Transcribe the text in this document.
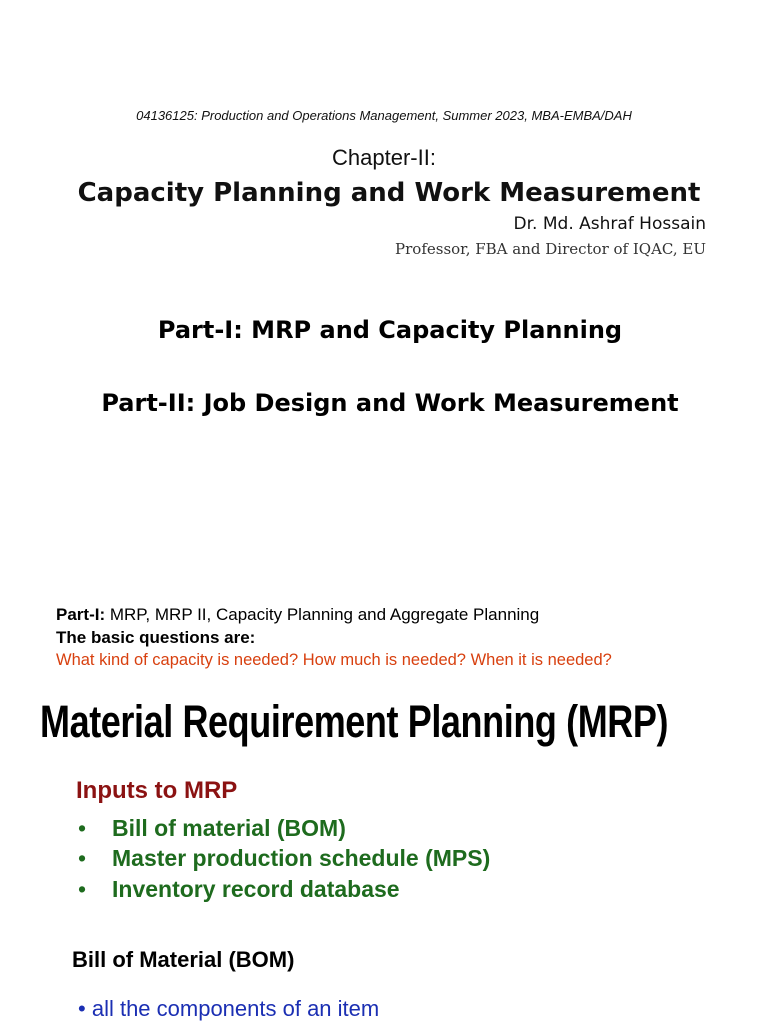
04136125: Production and Operations Management, Summer 2023, MBA-EMBA/DAH
Chapter-II:
Capacity Planning and Work Measurement
Dr. Md. Ashraf Hossain
Professor, FBA and Director of IQAC, EU
Part-I: MRP and Capacity Planning
Part-II: Job Design and Work Measurement
Part-I: MRP, MRP II, Capacity Planning and Aggregate Planning
The basic questions are:
What kind of capacity is needed? How much is needed? When it is needed?
Material Requirement Planning (MRP)
Inputs to MRP
• Bill of material (BOM)
• Master production schedule (MPS)
• Inventory record database
Bill of Material (BOM)
• all the components of an item
